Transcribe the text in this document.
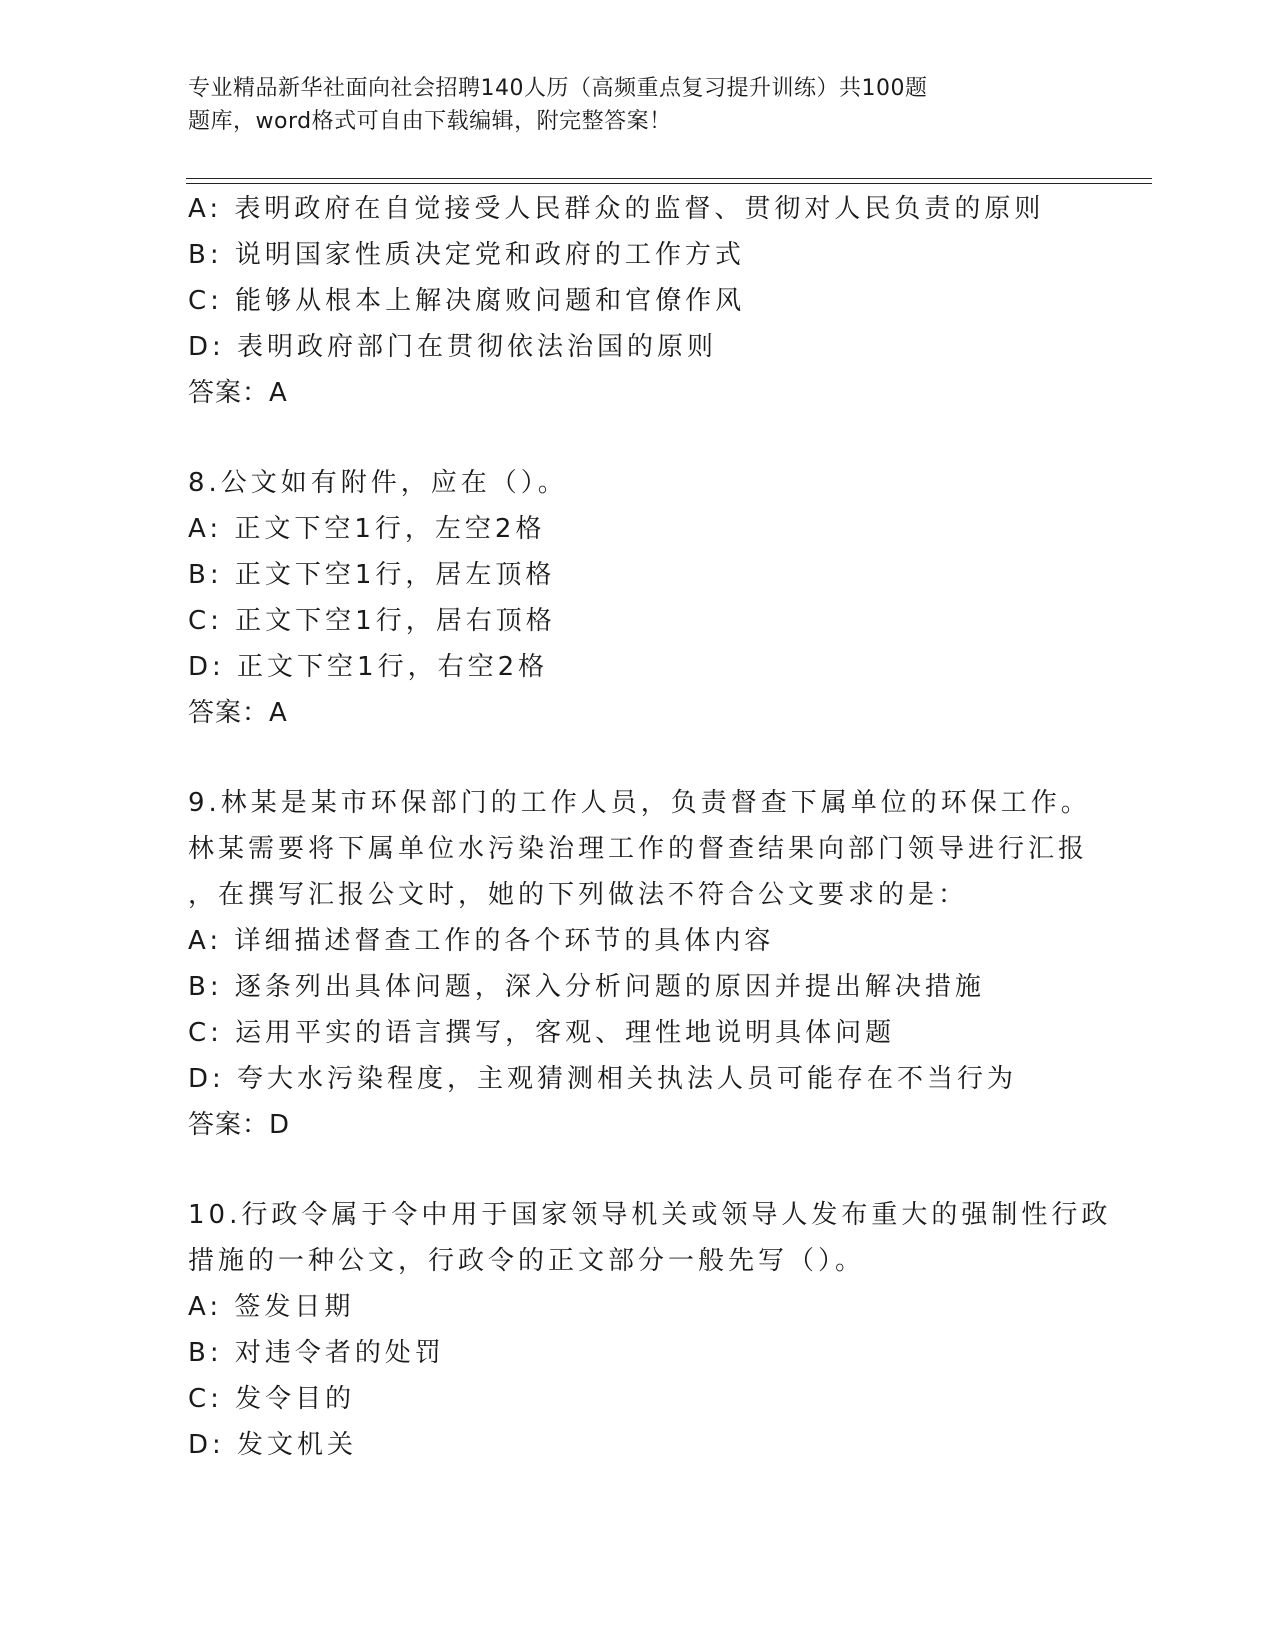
专业精品新华社面向社会招聘140人历（高频重点复习提升训练）共100题
题库，word格式可自由下载编辑，附完整答案！
A: 表明政府在自觉接受人民群众的监督、贯彻对人民负责的原则
B: 说明国家性质决定党和政府的工作方式
C: 能够从根本上解决腐败问题和官僚作风
D: 表明政府部门在贯彻依法治国的原则
答案：A
8.公文如有附件，应在（）。
A: 正文下空1行，左空2格
B: 正文下空1行，居左顶格
C: 正文下空1行，居右顶格
D: 正文下空1行，右空2格
答案：A
9.林某是某市环保部门的工作人员，负责督查下属单位的环保工作。
林某需要将下属单位水污染治理工作的督查结果向部门领导进行汇报
，在撰写汇报公文时，她的下列做法不符合公文要求的是：
A: 详细描述督查工作的各个环节的具体内容
B: 逐条列出具体问题，深入分析问题的原因并提出解决措施
C: 运用平实的语言撰写，客观、理性地说明具体问题
D: 夸大水污染程度，主观猜测相关执法人员可能存在不当行为
答案：D
10.行政令属于令中用于国家领导机关或领导人发布重大的强制性行政
措施的一种公文，行政令的正文部分一般先写（）。
A: 签发日期
B: 对违令者的处罚
C: 发令目的
D: 发文机关
